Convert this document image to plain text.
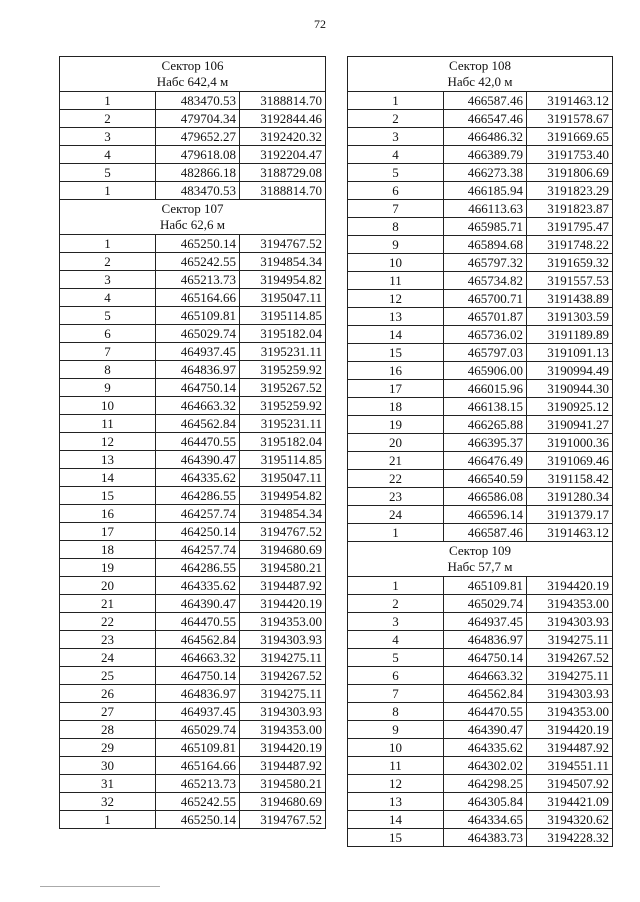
72
Сектор 106
Набс 642,4 м		

1	483470.53	3188814.70
2	479704.34	3192844.46
3	479652.27	3192420.32
4	479618.08	3192204.47
5	482866.18	3188729.08
1	483470.53	3188814.70

Сектор 107
Набс 62,6 м		

1	465250.14	3194767.52
2	465242.55	3194854.34
3	465213.73	3194954.82
4	465164.66	3195047.11
5	465109.81	3195114.85
6	465029.74	3195182.04
7	464937.45	3195231.11
8	464836.97	3195259.92
9	464750.14	3195267.52
10	464663.32	3195259.92
11	464562.84	3195231.11
12	464470.55	3195182.04
13	464390.47	3195114.85
14	464335.62	3195047.11
15	464286.55	3194954.82
16	464257.74	3194854.34
17	464250.14	3194767.52
18	464257.74	3194680.69
19	464286.55	3194580.21
20	464335.62	3194487.92
21	464390.47	3194420.19
22	464470.55	3194353.00
23	464562.84	3194303.93
24	464663.32	3194275.11
25	464750.14	3194267.52
26	464836.97	3194275.11
27	464937.45	3194303.93
28	465029.74	3194353.00
29	465109.81	3194420.19
30	465164.66	3194487.92
31	465213.73	3194580.21
32	465242.55	3194680.69
1	465250.14	3194767.52
Сектор 108
Набс 42,0 м		

1	466587.46	3191463.12
2	466547.46	3191578.67
3	466486.32	3191669.65
4	466389.79	3191753.40
5	466273.38	3191806.69
6	466185.94	3191823.29
7	466113.63	3191823.87
8	465985.71	3191795.47
9	465894.68	3191748.22
10	465797.32	3191659.32
11	465734.82	3191557.53
12	465700.71	3191438.89
13	465701.87	3191303.59
14	465736.02	3191189.89
15	465797.03	3191091.13
16	465906.00	3190994.49
17	466015.96	3190944.30
18	466138.15	3190925.12
19	466265.88	3190941.27
20	466395.37	3191000.36
21	466476.49	3191069.46
22	466540.59	3191158.42
23	466586.08	3191280.34
24	466596.14	3191379.17
1	466587.46	3191463.12

Сектор 109
Набс 57,7 м		

1	465109.81	3194420.19
2	465029.74	3194353.00
3	464937.45	3194303.93
4	464836.97	3194275.11
5	464750.14	3194267.52
6	464663.32	3194275.11
7	464562.84	3194303.93
8	464470.55	3194353.00
9	464390.47	3194420.19
10	464335.62	3194487.92
11	464302.02	3194551.11
12	464298.25	3194507.92
13	464305.84	3194421.09
14	464334.65	3194320.62
15	464383.73	3194228.32
